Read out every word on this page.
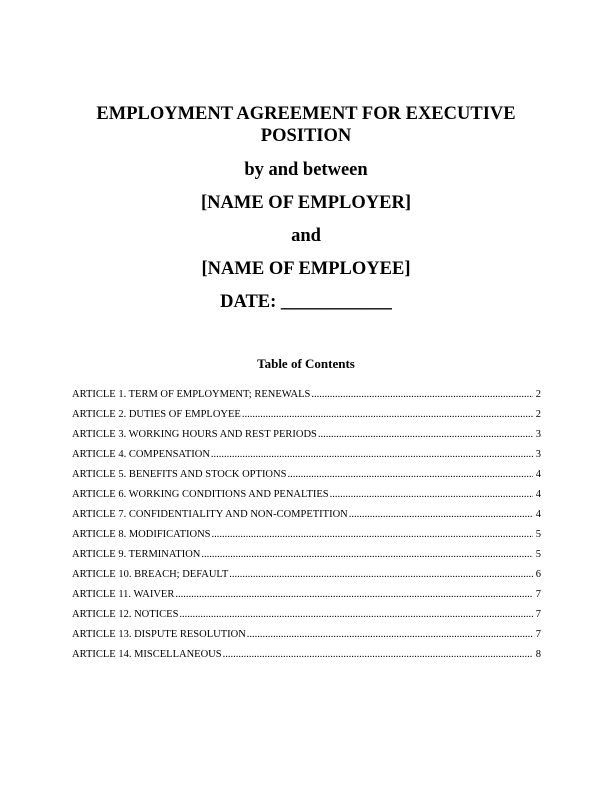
EMPLOYMENT AGREEMENT FOR EXECUTIVE

POSITION

by and between

[NAME OF EMPLOYER]

and

[NAME OF EMPLOYEE]

DATE: ____________

Table of Contents
ARTICLE 1. TERM OF EMPLOYMENT; RENEWALS .....	2
ARTICLE 2. DUTIES OF EMPLOYEE .....	2
ARTICLE 3. WORKING HOURS AND REST PERIODS .....	3
ARTICLE 4. COMPENSATION .....	3
ARTICLE 5. BENEFITS AND STOCK OPTIONS .....	4
ARTICLE 6. WORKING CONDITIONS AND PENALTIES .....	4
ARTICLE 7. CONFIDENTIALITY AND NON-COMPETITION .....	4
ARTICLE 8. MODIFICATIONS .....	5
ARTICLE 9. TERMINATION .....	5
ARTICLE 10. BREACH; DEFAULT .....	6
ARTICLE 11. WAIVER .....	7
ARTICLE 12. NOTICES .....	7
ARTICLE 13. DISPUTE RESOLUTION .....	7
ARTICLE 14. MISCELLANEOUS .....	8
